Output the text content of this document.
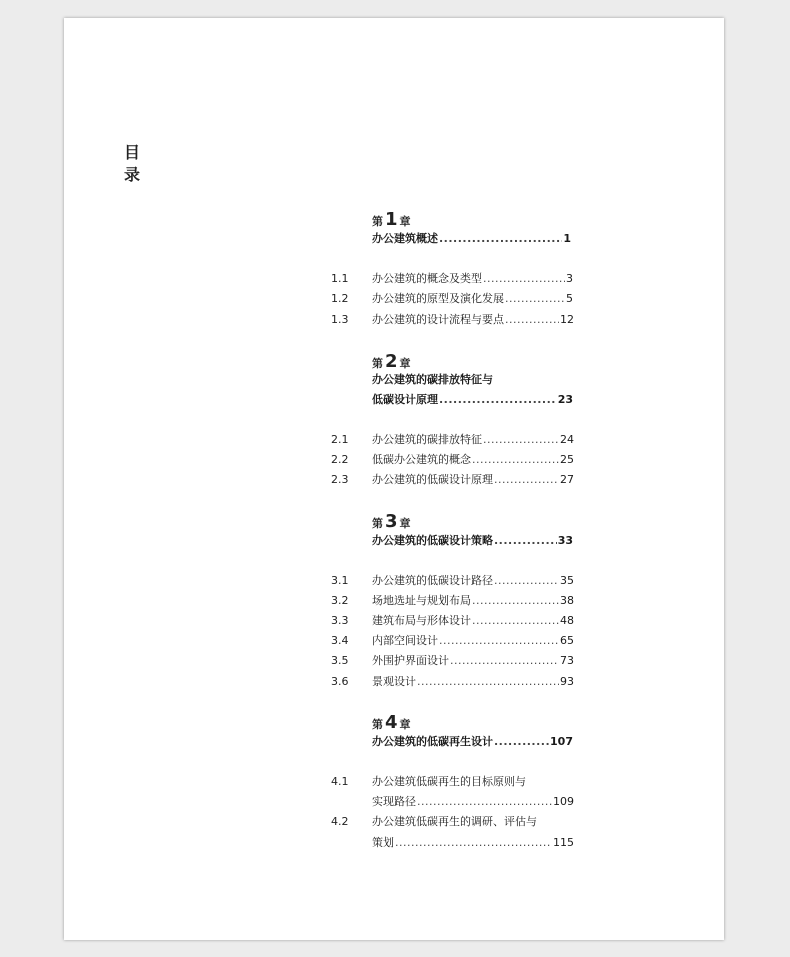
目
录
第 1 章
办公建筑概述 .....	1
1.1 办公建筑的概念及类型 .....	3
1.2 办公建筑的原型及演化发展 .....	5
1.3 办公建筑的设计流程与要点 .....	12
第 2 章
办公建筑的碳排放特征与
低碳设计原理 .....	23
2.1 办公建筑的碳排放特征 .....	24
2.2 低碳办公建筑的概念 .....	25
2.3 办公建筑的低碳设计原理 .....	27
第 3 章
办公建筑的低碳设计策略 .....	33
3.1 办公建筑的低碳设计路径 .....	35
3.2 场地选址与规划布局 .....	38
3.3 建筑布局与形体设计 .....	48
3.4 内部空间设计 .....	65
3.5 外围护界面设计 .....	73
3.6 景观设计 .....	93
第 4 章
办公建筑的低碳再生设计 .....	107
4.1 办公建筑低碳再生的目标原则与
实现路径 .....	109
4.2 办公建筑低碳再生的调研、评估与
策划 .....	115
